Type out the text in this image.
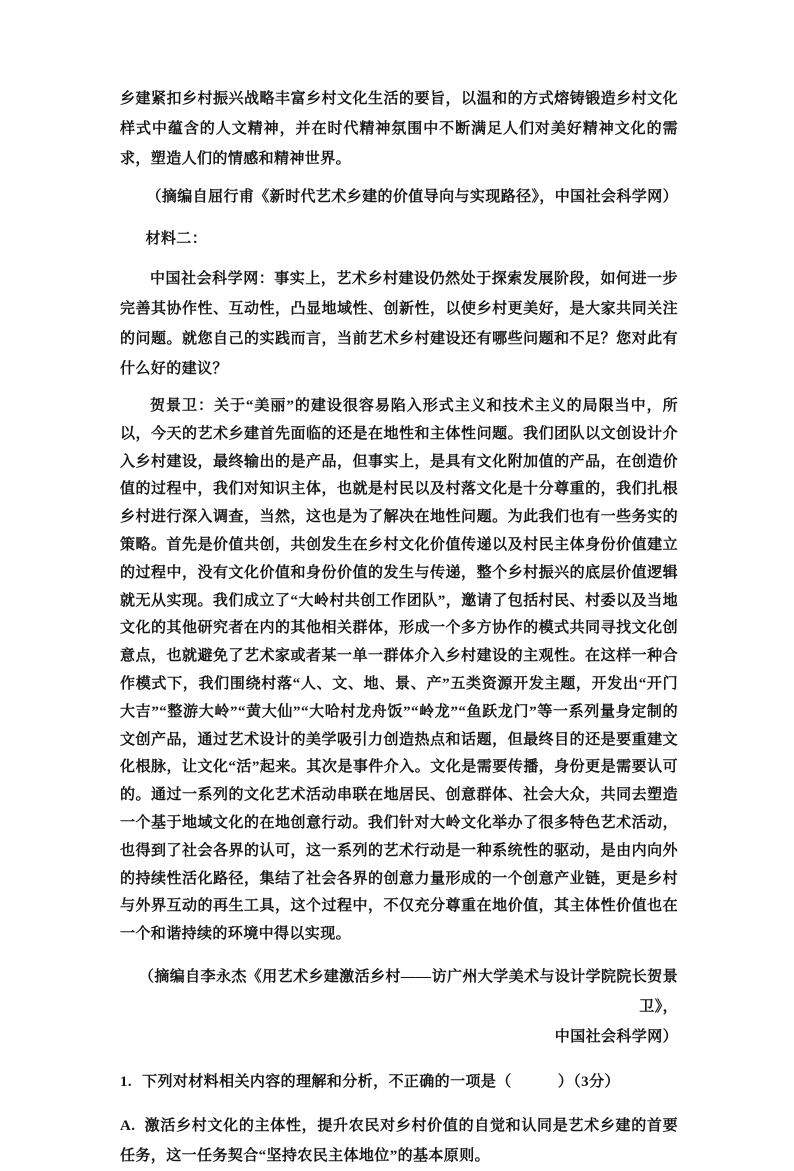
乡建紧扣乡村振兴战略丰富乡村文化生活的要旨，以温和的方式熔铸锻造乡村文化样式中蕴含的人文精神，并在时代精神氛围中不断满足人们对美好精神文化的需求，塑造人们的情感和精神世界。

（摘编自屈行甫《新时代艺术乡建的价值导向与实现路径》，中国社会科学网）

材料二：

中国社会科学网：事实上，艺术乡村建设仍然处于探索发展阶段，如何进一步完善其协作性、互动性，凸显地域性、创新性，以使乡村更美好，是大家共同关注的问题。就您自己的实践而言，当前艺术乡村建设还有哪些问题和不足？您对此有什么好的建议？

贺景卫：关于“美丽”的建设很容易陷入形式主义和技术主义的局限当中，所以，今天的艺术乡建首先面临的还是在地性和主体性问题。我们团队以文创设计介入乡村建设，最终输出的是产品，但事实上，是具有文化附加值的产品，在创造价值的过程中，我们对知识主体，也就是村民以及村落文化是十分尊重的，我们扎根乡村进行深入调查，当然，这也是为了解决在地性问题。为此我们也有一些务实的策略。首先是价值共创，共创发生在乡村文化价值传递以及村民主体身份价值建立的过程中，没有文化价值和身份价值的发生与传递，整个乡村振兴的底层价值逻辑就无从实现。我们成立了“大岭村共创工作团队”，邀请了包括村民、村委以及当地文化的其他研究者在内的其他相关群体，形成一个多方协作的模式共同寻找文化创意点，也就避免了艺术家或者某一单一群体介入乡村建设的主观性。在这样一种合作模式下，我们围绕村落“人、文、地、景、产”五类资源开发主题，开发出“开门大吉”“整游大岭”“黄大仙”“大哈村龙舟饭”“岭龙”“鱼跃龙门”等一系列量身定制的文创产品，通过艺术设计的美学吸引力创造热点和话题，但最终目的还是要重建文化根脉，让文化“活”起来。其次是事件介入。文化是需要传播，身份更是需要认可的。通过一系列的文化艺术活动串联在地居民、创意群体、社会大众，共同去塑造一个基于地域文化的在地创意行动。我们针对大岭文化举办了很多特色艺术活动，也得到了社会各界的认可，这一系列的艺术行动是一种系统性的驱动，是由内向外的持续性活化路径，集结了社会各界的创意力量形成的一个创意产业链，更是乡村与外界互动的再生工具，这个过程中，不仅充分尊重在地价值，其主体性价值也在一个和谐持续的环境中得以实现。

（摘编自李永杰《用艺术乡建激活乡村——访广州大学美术与设计学院院长贺景卫》，

中国社会科学网）

1. 下列对材料相关内容的理解和分析，不正确的一项是（　　　）（3分）

A. 激活乡村文化的主体性，提升农民对乡村价值的自觉和认同是艺术乡建的首要任务，这一任务契合“坚持农民主体地位”的基本原则。
